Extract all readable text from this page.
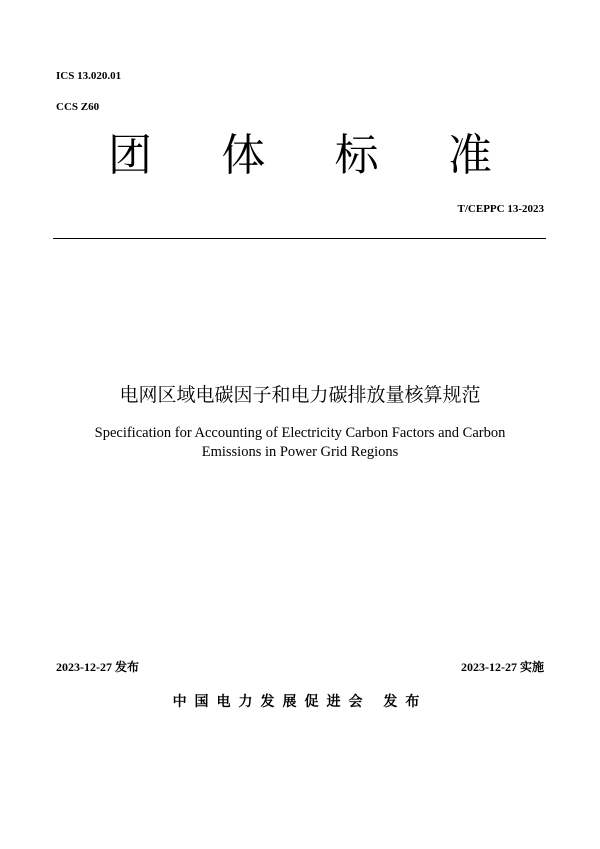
ICS 13.020.01
CCS Z60
团 体 标 准
T/CEPPC 13-2023
电网区域电碳因子和电力碳排放量核算规范
Specification for Accounting of Electricity Carbon Factors and Carbon
Emissions in Power Grid Regions
2023-12-27 发布	2023-12-27 实施
中国电力发展促进会 发布
